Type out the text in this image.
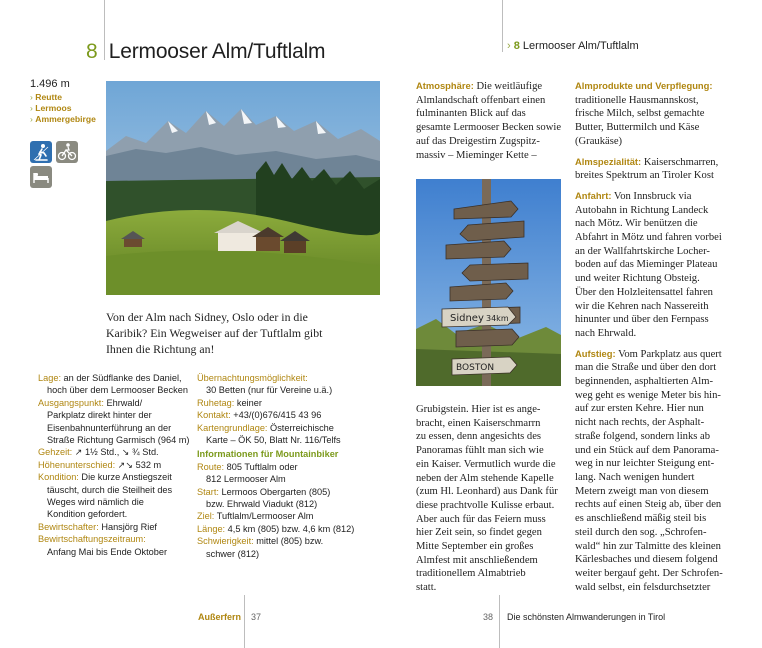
8 Lermooser Alm/Tuftlalm	› 8 Lermooser Alm/Tuftlalm
1.496 m
› Reutte
› Lermoos
› Ammergebirge
Von der Alm nach Sidney, Oslo oder in die
Karibik? Ein Wegweiser auf der Tuftlalm gibt
Ihnen die Richtung an!
Lage: an der Südflanke des Daniel,
hoch über dem Lermooser Becken
Ausgangspunkt: Ehrwald/
Parkplatz direkt hinter der
Eisenbahnunterführung an der
Straße Richtung Garmisch (964 m)
Gehzeit: ↗ 1½ Std., ↘ ¾ Std.
Höhenunterschied: ↗↘ 532 m
Kondition: Die kurze Anstiegszeit
täuscht, durch die Steilheit des
Weges wird nämlich die
Kondition gefordert.
Bewirtschafter: Hansjörg Rief
Bewirtschaftungszeitraum:
Anfang Mai bis Ende Oktober
Übernachtungsmöglichkeit:
30 Betten (nur für Vereine u.ä.)
Ruhetag: keiner
Kontakt: +43/(0)676/415 43 96
Kartengrundlage: Österreichische
Karte – ÖK 50, Blatt Nr. 116/Telfs
Informationen für Mountainbiker
Route: 805 Tuftlalm oder
812 Lermooser Alm
Start: Lermoos Obergarten (805)
bzw. Ehrwald Viadukt (812)
Ziel: Tuftlalm/Lermooser Alm
Länge: 4,5 km (805) bzw. 4,6 km (812)
Schwierigkeit: mittel (805) bzw.
schwer (812)
Atmosphäre: Die weitläufige
Almlandschaft offenbart einen
fulminanten Blick auf das
gesamte Lermooser Becken sowie
auf das Dreigestirn Zugspitz-
massiv – Mieminger Kette –
Sidney 34km
BOSTON
Grubigstein. Hier ist es ange-
bracht, einen Kaiserschmarrn
zu essen, denn angesichts des
Panoramas fühlt man sich wie
ein Kaiser. Vermutlich wurde die
neben der Alm stehende Kapelle
(zum Hl. Leonhard) aus Dank für
diese prachtvolle Kulisse erbaut.
Aber auch für das Feiern muss
hier Zeit sein, so findet gegen
Mitte September ein großes
Almfest mit anschließendem
traditionellem Almabtrieb
statt.
Almprodukte und Verpflegung:
traditionelle Hausmannskost,
frische Milch, selbst gemachte
Butter, Buttermilch und Käse
(Graukäse)
Almspezialität: Kaiserschmarren,
breites Spektrum an Tiroler Kost
Anfahrt: Von Innsbruck via
Autobahn in Richtung Landeck
nach Mötz. Wir benützen die
Abfahrt in Mötz und fahren vorbei
an der Wallfahrtskirche Locher-
boden auf das Mieminger Plateau
und weiter Richtung Obsteig.
Über den Holzleitensattel fahren
wir die Kehren nach Nassereith
hinunter und über den Fernpass
nach Ehrwald.
Aufstieg: Vom Parkplatz aus quert
man die Straße und über den dort
beginnenden, asphaltierten Alm-
weg geht es wenige Meter bis hin-
auf zur ersten Kehre. Hier nun
nicht nach rechts, der Asphalt-
straße folgend, sondern links ab
und ein Stück auf dem Panorama-
weg in nur leichter Steigung ent-
lang. Nach wenigen hundert
Metern zweigt man von diesem
rechts auf einen Steig ab, über den
es anschließend mäßig steil bis
steil durch den sog. „Schrofen-
wald“ hin zur Talmitte des kleinen
Kärlesbaches und diesem folgend
weiter bergauf geht. Der Schrofen-
wald selbst, ein felsdurchsetzter
Außerfern 37	38 Die schönsten Almwanderungen in Tirol
